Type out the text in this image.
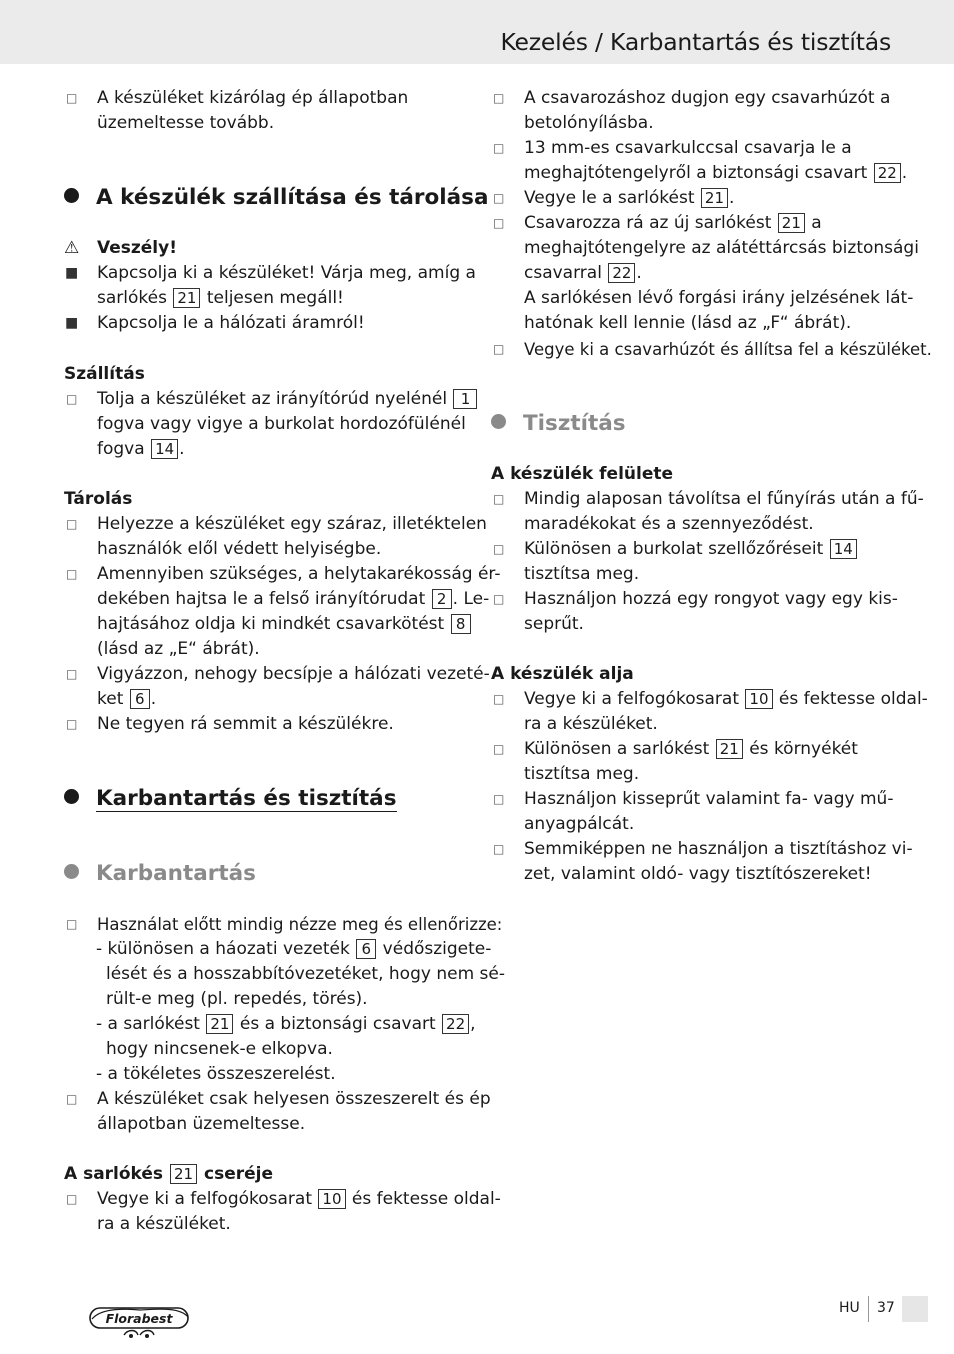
Kezelés / Karbantartás és tisztítás
□ A készüléket kizárólag ép állapotban
üzemeltesse tovább.
A készülék szállítása és tárolása
⚠ Veszély!
■ Kapcsolja ki a készüléket! Várja meg, amíg a
sarlókés 21 teljesen megáll!
■ Kapcsolja le a hálózati áramról!
Szállítás
□ Tolja a készüléket az irányítórúd nyelénél 1
fogva vagy vigye a burkolat hordozófülénél
fogva 14 .
Tárolás
□ Helyezze a készüléket egy száraz, illetéktelen
használók elől védett helyiségbe.
□ Amennyiben szükséges, a helytakarékosság ér-
dekében hajtsa le a felső irányítórudat 2 . Le-
hajtásához oldja ki mindkét csavarkötést 8
(lásd az „E“ ábrát).
□ Vigyázzon, nehogy becsípje a hálózati vezeté-
ket 6 .
□ Ne tegyen rá semmit a készülékre.
Karbantartás és tisztítás
Karbantartás
□ Használat előtt mindig nézze meg és ellenőrizze:
- különösen a háozati vezeték 6 védőszigete-
lését és a hosszabbítóvezetéket, hogy nem sé-
rült-e meg (pl. repedés, törés).
- a sarlókést 21 és a biztonsági csavart 22 ,
hogy nincsenek-e elkopva.
- a tökéletes összeszerelést.
□ A készüléket csak helyesen összeszerelt és ép
állapotban üzemeltesse.
A sarlókés 21 cseréje
□ Vegye ki a felfogókosarat 10 és fektesse oldal-
ra a készüléket.
□ A csavarozáshoz dugjon egy csavarhúzót a
betolónyílásba.
□ 13 mm-es csavarkulccsal csavarja le a
meghajtótengelyről a biztonsági csavart 22 .
□ Vegye le a sarlókést 21 .
□ Csavarozza rá az új sarlókést 21 a
meghajtótengelyre az alátéttárcsás biztonsági
csavarral 22 .
A sarlókésen lévő forgási irány jelzésének lát-
hatónak kell lennie (lásd az „F“ ábrát).
□ Vegye ki a csavarhúzót és állítsa fel a készüléket.
Tisztítás
A készülék felülete
□ Mindig alaposan távolítsa el fűnyírás után a fű-
maradékokat és a szennyeződést.
□ Különösen a burkolat szellőzőréseit 14
tisztítsa meg.
□ Használjon hozzá egy rongyot vagy egy kis-
seprűt.
A készülék alja
□ Vegye ki a felfogókosarat 10 és fektesse oldal-
ra a készüléket.
□ Különösen a sarlókést 21 és környékét
tisztítsa meg.
□ Használjon kisseprűt valamint fa- vagy mű-
anyagpálcát.
□ Semmiképpen ne használjon a tisztításhoz vi-
zet, valamint oldó- vagy tisztítószereket!
Florabest
HU 37
